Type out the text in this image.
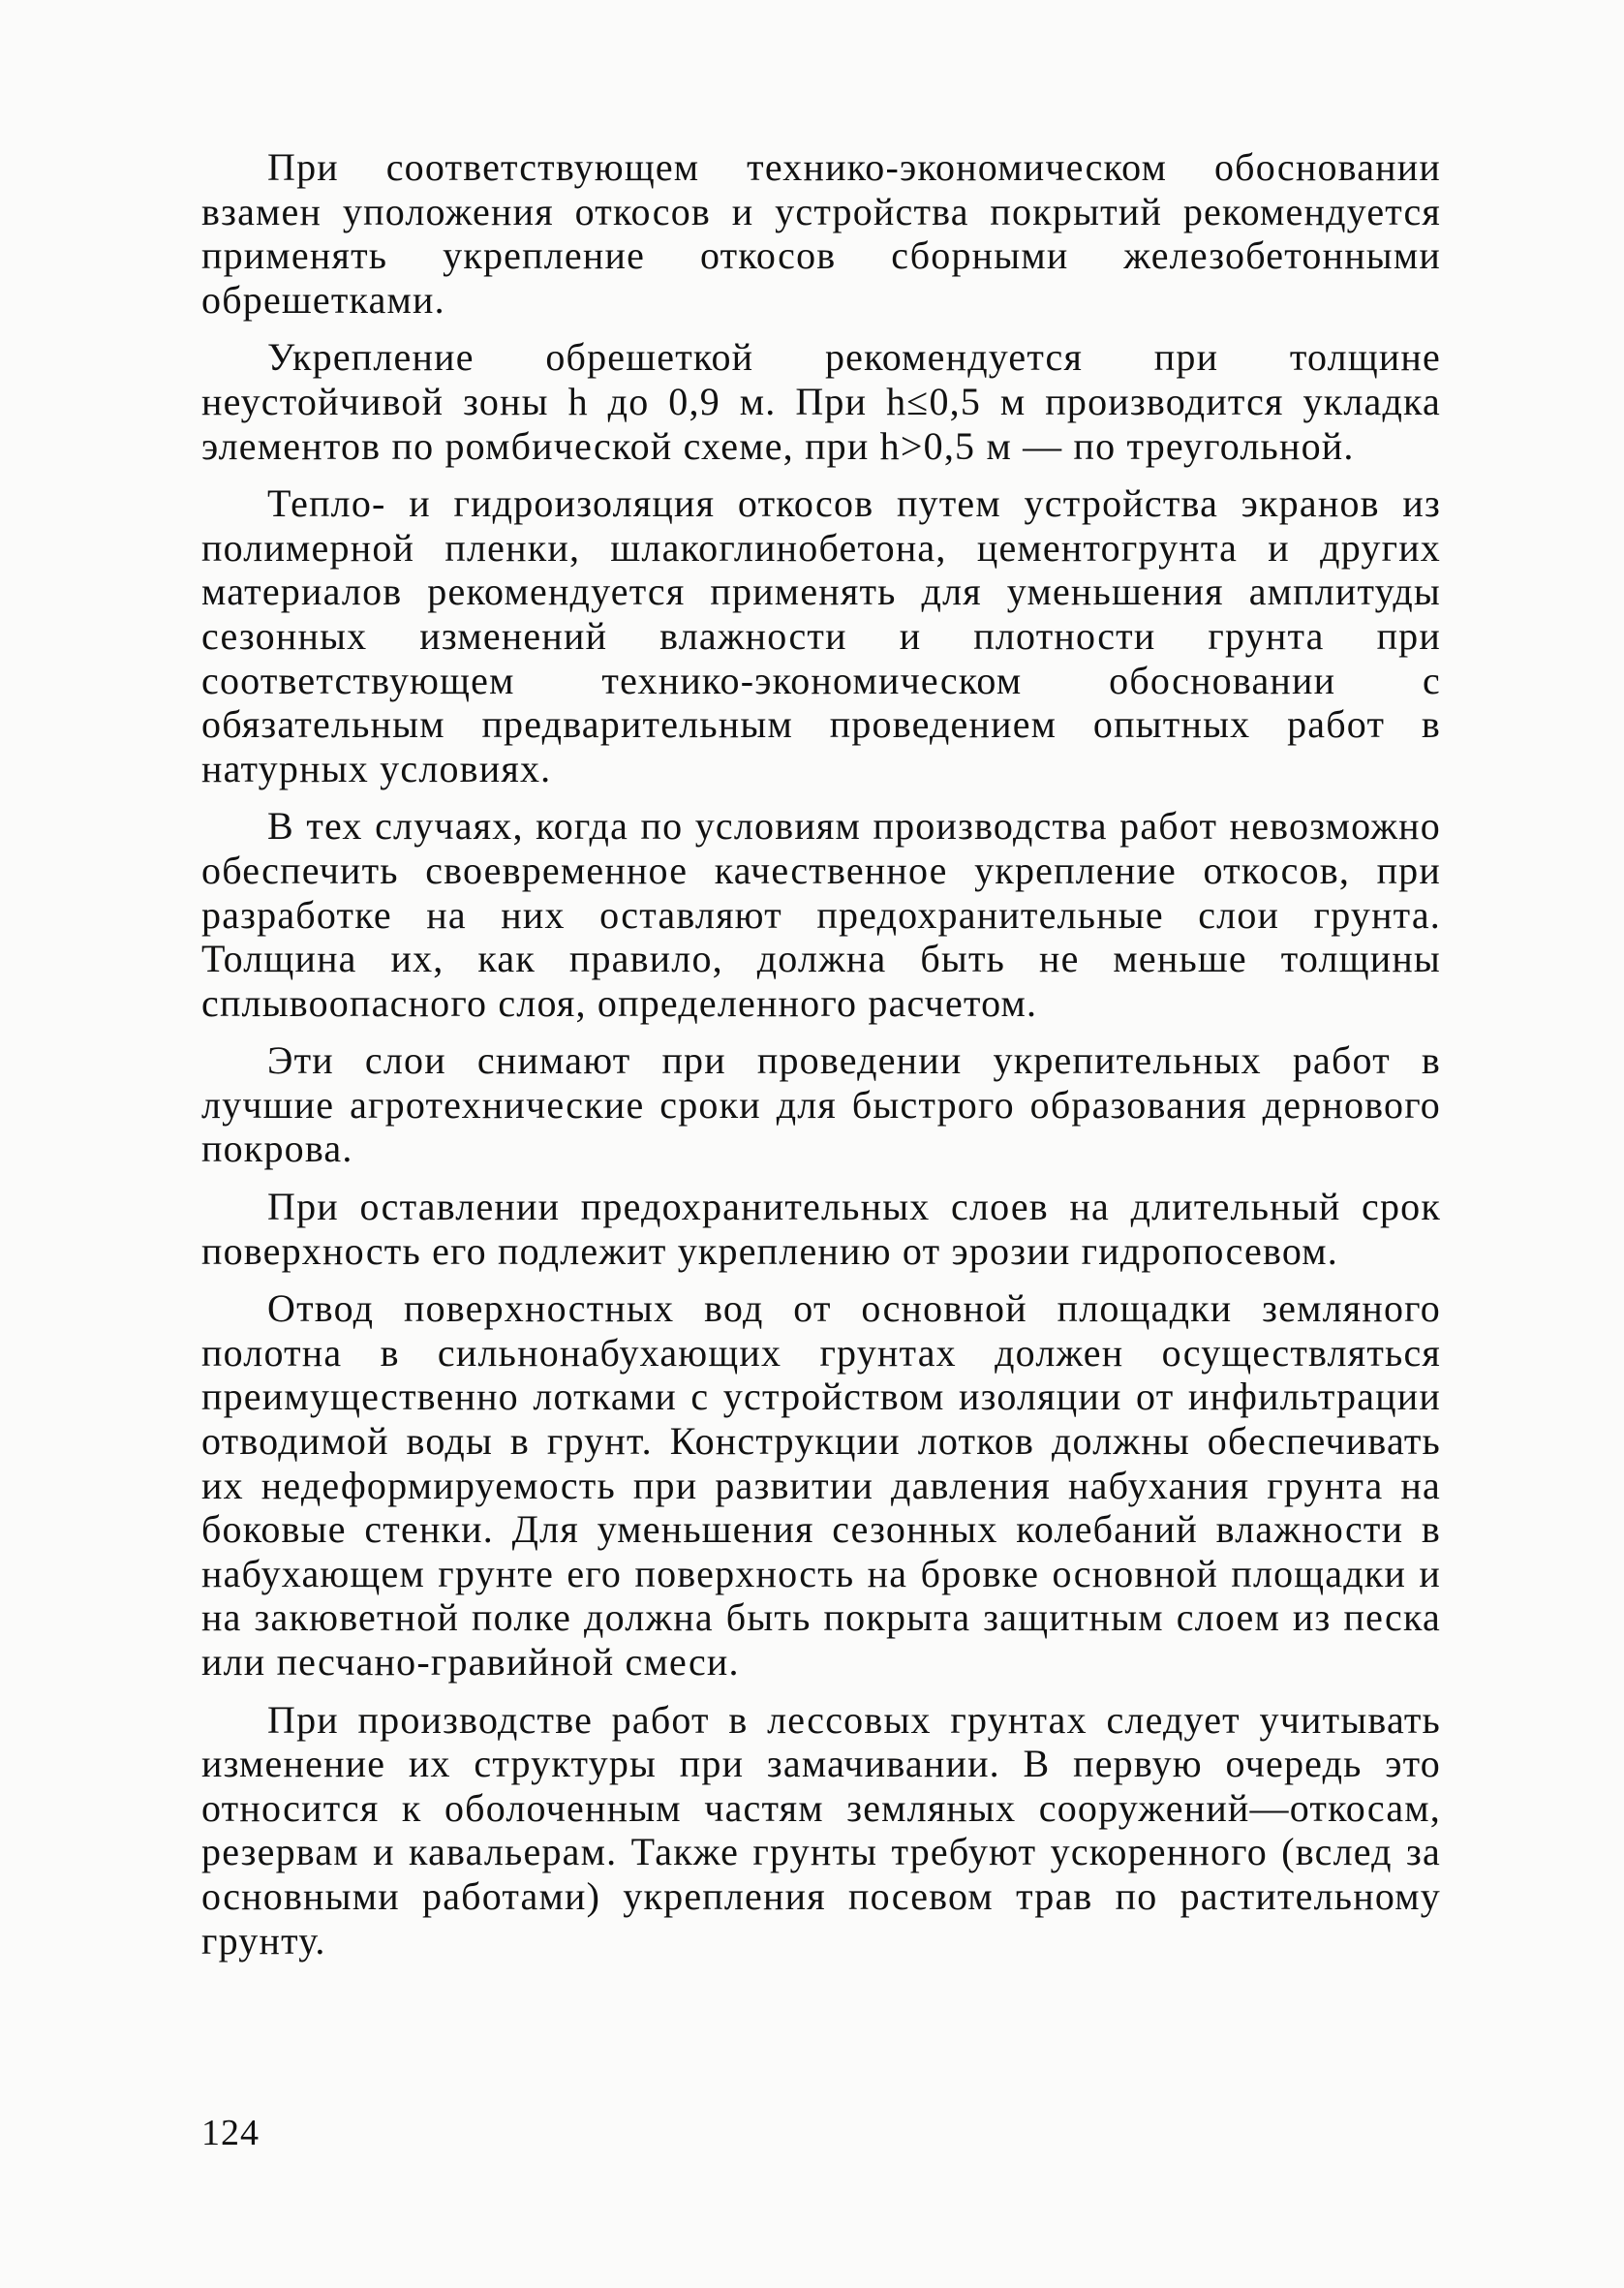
При соответствующем технико-экономическом обосновании взамен уположения откосов и устройства покрытий рекомендуется применять укрепление откосов сборными железобетонными обрешетками.

Укрепление обрешеткой рекомендуется при толщине неустойчивой зоны h до 0,9 м. При h≤0,5 м производится укладка элементов по ромбической схеме, при h>0,5 м — по треугольной.

Тепло- и гидроизоляция откосов путем устройства экранов из полимерной пленки, шлакоглинобетона, цементогрунта и других материалов рекомендуется применять для уменьшения амплитуды сезонных изменений влажности и плотности грунта при соответствующем технико-экономическом обосновании с обязательным предварительным проведением опытных работ в натурных условиях.

В тех случаях, когда по условиям производства работ невозможно обеспечить своевременное качественное укрепление откосов, при разработке на них оставляют предохранительные слои грунта. Толщина их, как правило, должна быть не меньше толщины сплывоопасного слоя, определенного расчетом.

Эти слои снимают при проведении укрепительных работ в лучшие агротехнические сроки для быстрого образования дернового покрова.

При оставлении предохранительных слоев на длительный срок поверхность его подлежит укреплению от эрозии гидропосевом.

Отвод поверхностных вод от основной площадки земляного полотна в сильнонабухающих грунтах должен осуществляться преимущественно лотками с устройством изоляции от инфильтрации отводимой воды в грунт. Конструкции лотков должны обеспечивать их недеформируемость при развитии давления набухания грунта на боковые стенки. Для уменьшения сезонных колебаний влажности в набухающем грунте его поверхность на бровке основной площадки и на закюветной полке должна быть покрыта защитным слоем из песка или песчано-гравийной смеси.

При производстве работ в лессовых грунтах следует учитывать изменение их структуры при замачивании. В первую очередь это относится к оболоченным частям земляных сооружений—откосам, резервам и кавальерам. Также грунты требуют ускоренного (вслед за основными работами) укрепления посевом трав по растительному грунту.

124
